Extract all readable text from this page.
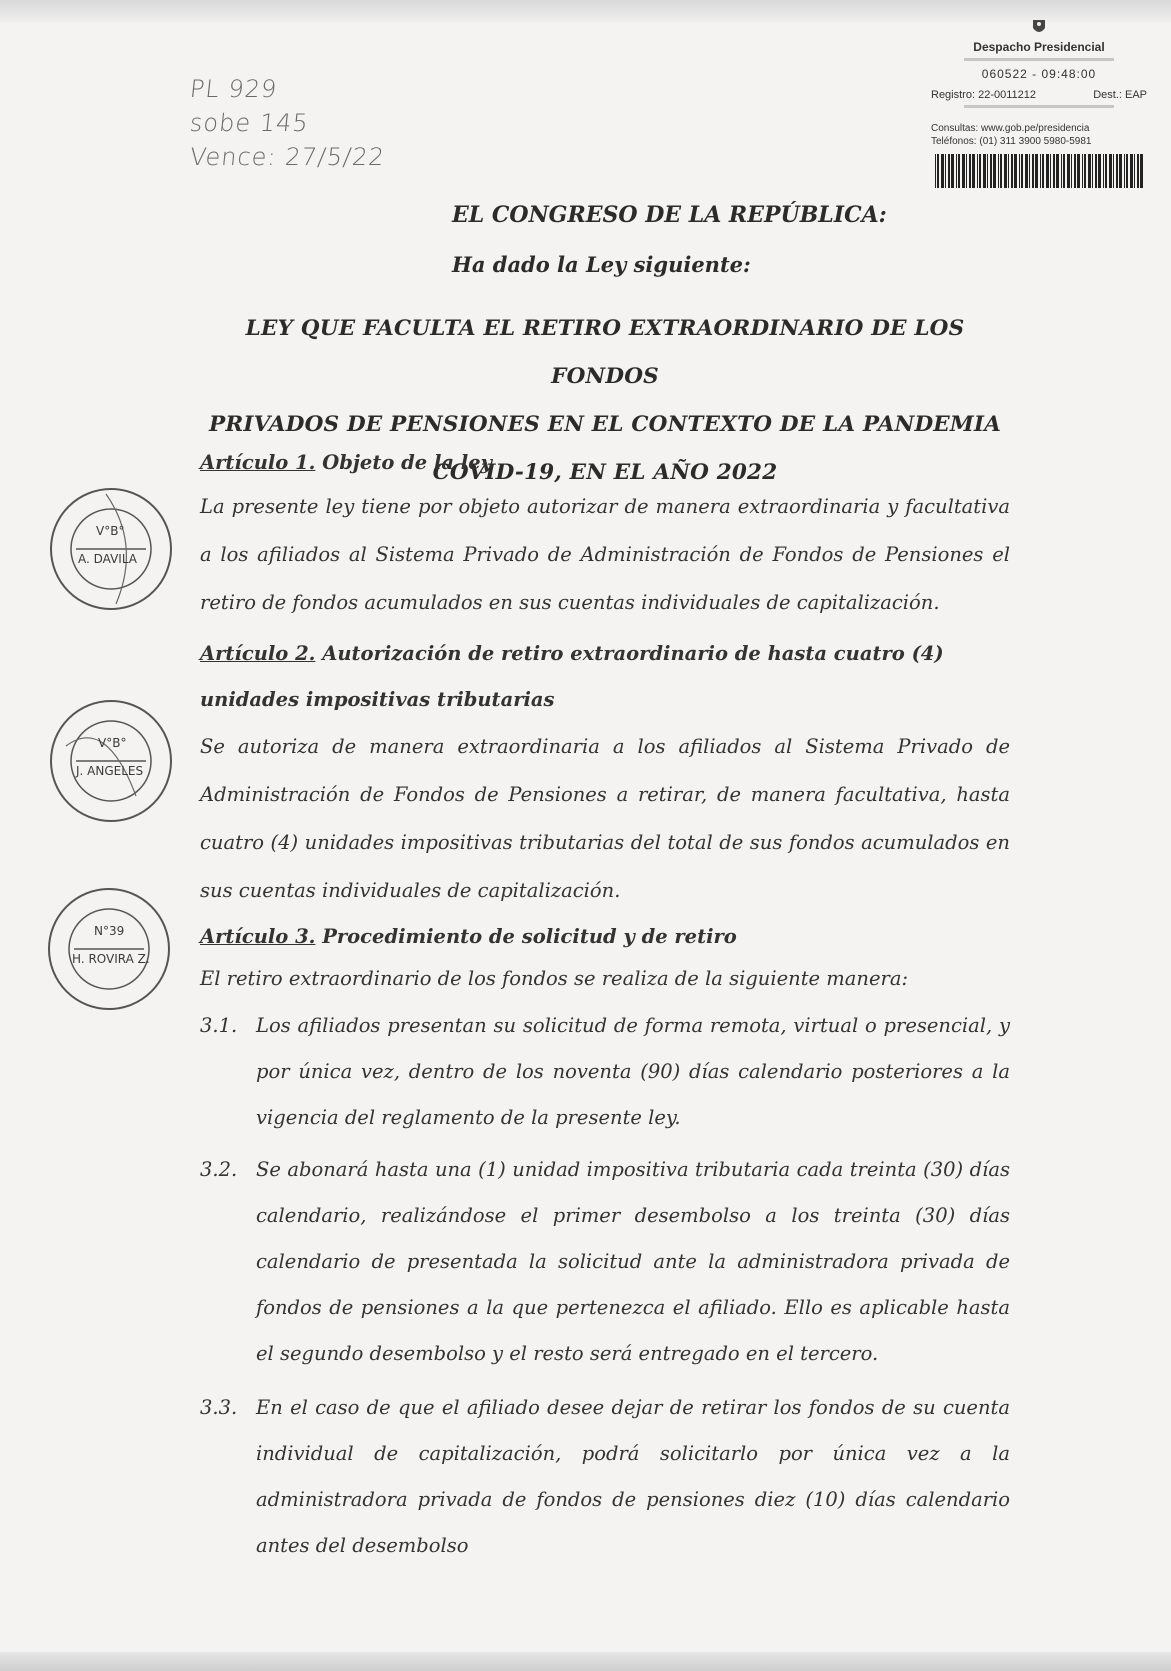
PL 929
sobe 145
Vence: 27/5/22
Despacho Presidencial
060522 - 09:48:00
Registro: 22-0011212	Dest.: EAP
Consultas: www.gob.pe/presidencia
Teléfonos: (01) 311 3900 5980-5981
EL CONGRESO DE LA REPÚBLICA:
Ha dado la Ley siguiente:
LEY QUE FACULTA EL RETIRO EXTRAORDINARIO DE LOS FONDOS
PRIVADOS DE PENSIONES EN EL CONTEXTO DE LA PANDEMIA
COVID-19, EN EL AÑO 2022

Artículo 1. Objeto de la ley

La presente ley tiene por objeto autorizar de manera extraordinaria y facultativa a los afiliados al Sistema Privado de Administración de Fondos de Pensiones el retiro de fondos acumulados en sus cuentas individuales de capitalización.

Artículo 2. Autorización de retiro extraordinario de hasta cuatro (4) unidades impositivas tributarias

Se autoriza de manera extraordinaria a los afiliados al Sistema Privado de Administración de Fondos de Pensiones a retirar, de manera facultativa, hasta cuatro (4) unidades impositivas tributarias del total de sus fondos acumulados en sus cuentas individuales de capitalización.

Artículo 3. Procedimiento de solicitud y de retiro

El retiro extraordinario de los fondos se realiza de la siguiente manera:

3.1. Los afiliados presentan su solicitud de forma remota, virtual o presencial, y por única vez, dentro de los noventa (90) días calendario posteriores a la vigencia del reglamento de la presente ley.

3.2. Se abonará hasta una (1) unidad impositiva tributaria cada treinta (30) días calendario, realizándose el primer desembolso a los treinta (30) días calendario de presentada la solicitud ante la administradora privada de fondos de pensiones a la que pertenezca el afiliado. Ello es aplicable hasta el segundo desembolso y el resto será entregado en el tercero.

3.3. En el caso de que el afiliado desee dejar de retirar los fondos de su cuenta individual de capitalización, podrá solicitarlo por única vez a la administradora privada de fondos de pensiones diez (10) días calendario antes del desembolso

V°B°
A. DAVILA
V°B°
J. ANGELES
N°39
H. ROVIRA Z.
